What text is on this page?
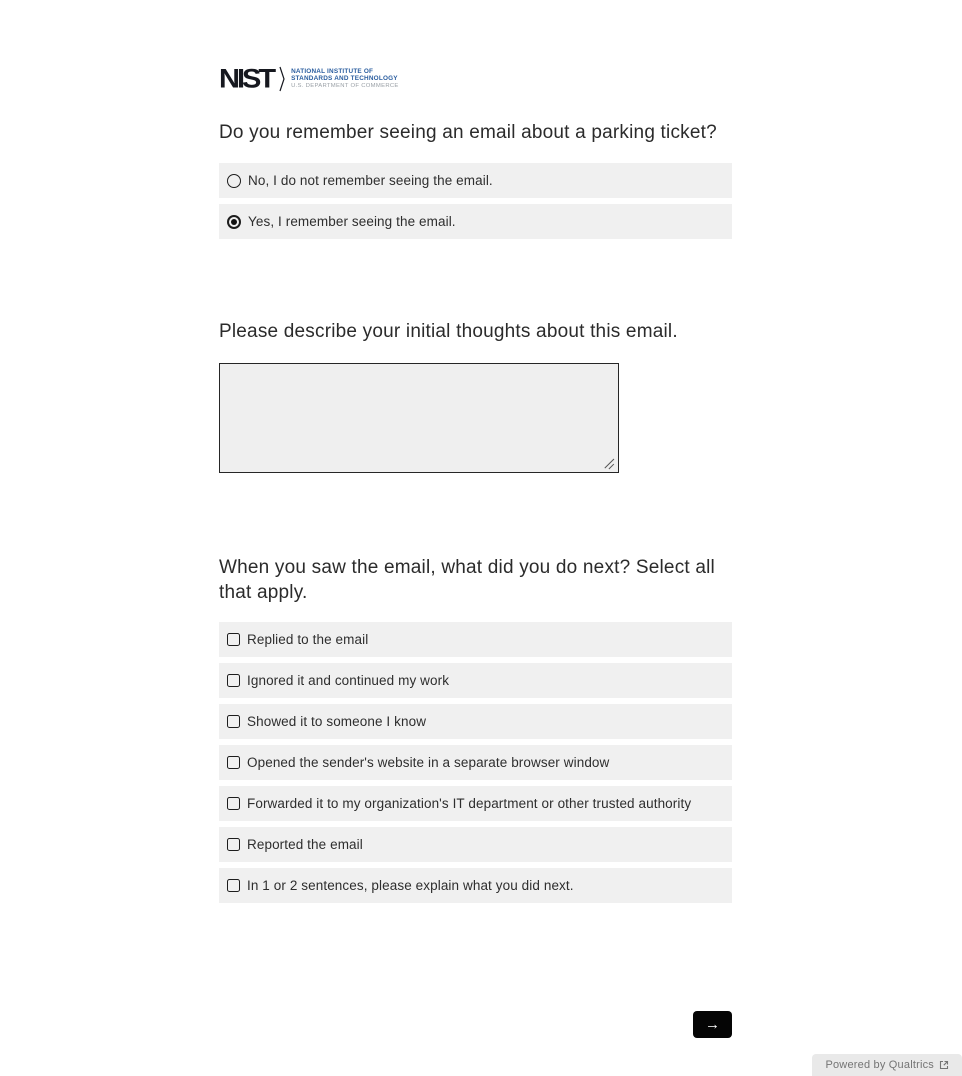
NIST	NATIONAL INSTITUTE OF
STANDARDS AND TECHNOLOGY
U.S. DEPARTMENT OF COMMERCE
Do you remember seeing an email about a parking ticket?
No, I do not remember seeing the email.
Yes, I remember seeing the email.
Please describe your initial thoughts about this email.
When you saw the email, what did you do next? Select all that apply.
Replied to the email
Ignored it and continued my work
Showed it to someone I know
Opened the sender's website in a separate browser window
Forwarded it to my organization's IT department or other trusted authority
Reported the email
In 1 or 2 sentences, please explain what you did next.
→
Powered by Qualtrics
